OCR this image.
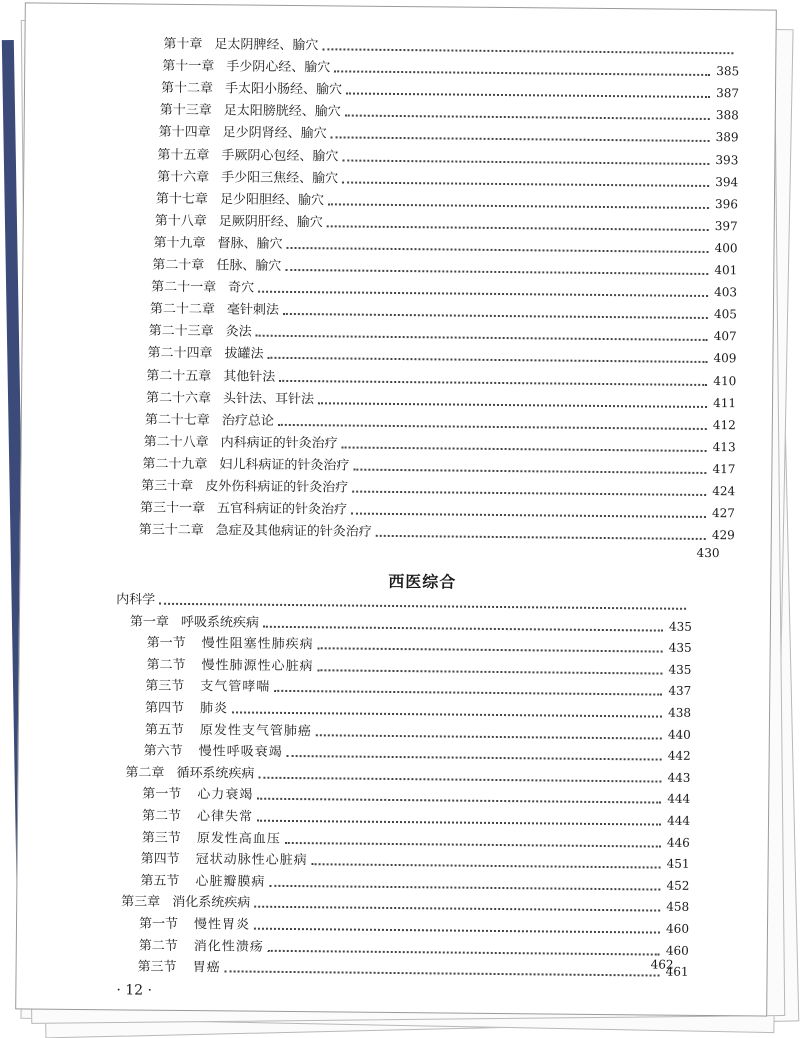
第十章 足太阴脾经、腧穴
第十一章 手少阴心经、腧穴	385
第十二章 手太阳小肠经、腧穴	387
第十三章 足太阳膀胱经、腧穴	388
第十四章 足少阴肾经、腧穴	389
第十五章 手厥阴心包经、腧穴	393
第十六章 手少阳三焦经、腧穴	394
第十七章 足少阳胆经、腧穴	396
第十八章 足厥阴肝经、腧穴	397
第十九章 督脉、腧穴	400
第二十章 任脉、腧穴	401
第二十一章 奇穴	403
第二十二章 毫针刺法	405
第二十三章 灸法	407
第二十四章 拔罐法	409
第二十五章 其他针法	410
第二十六章 头针法、耳针法	411
第二十七章 治疗总论	412
第二十八章 内科病证的针灸治疗	413
第二十九章 妇儿科病证的针灸治疗	417
第三十章 皮外伤科病证的针灸治疗	424
第三十一章 五官科病证的针灸治疗	427
第三十二章 急症及其他病证的针灸治疗	429
430
西医综合
内科学
第一章 呼吸系统疾病	435
第一节 慢性阻塞性肺疾病	435
第二节 慢性肺源性心脏病	435
第三节 支气管哮喘	437
第四节 肺炎	438
第五节 原发性支气管肺癌	440
第六节 慢性呼吸衰竭	442
第二章 循环系统疾病	443
第一节 心力衰竭	444
第二节 心律失常	444
第三节 原发性高血压	446
第四节 冠状动脉性心脏病	451
第五节 心脏瓣膜病	452
第三章 消化系统疾病	458
第一节 慢性胃炎	460
第二节 消化性溃疡	460
第三节 胃癌	461
462
· 12 ·
